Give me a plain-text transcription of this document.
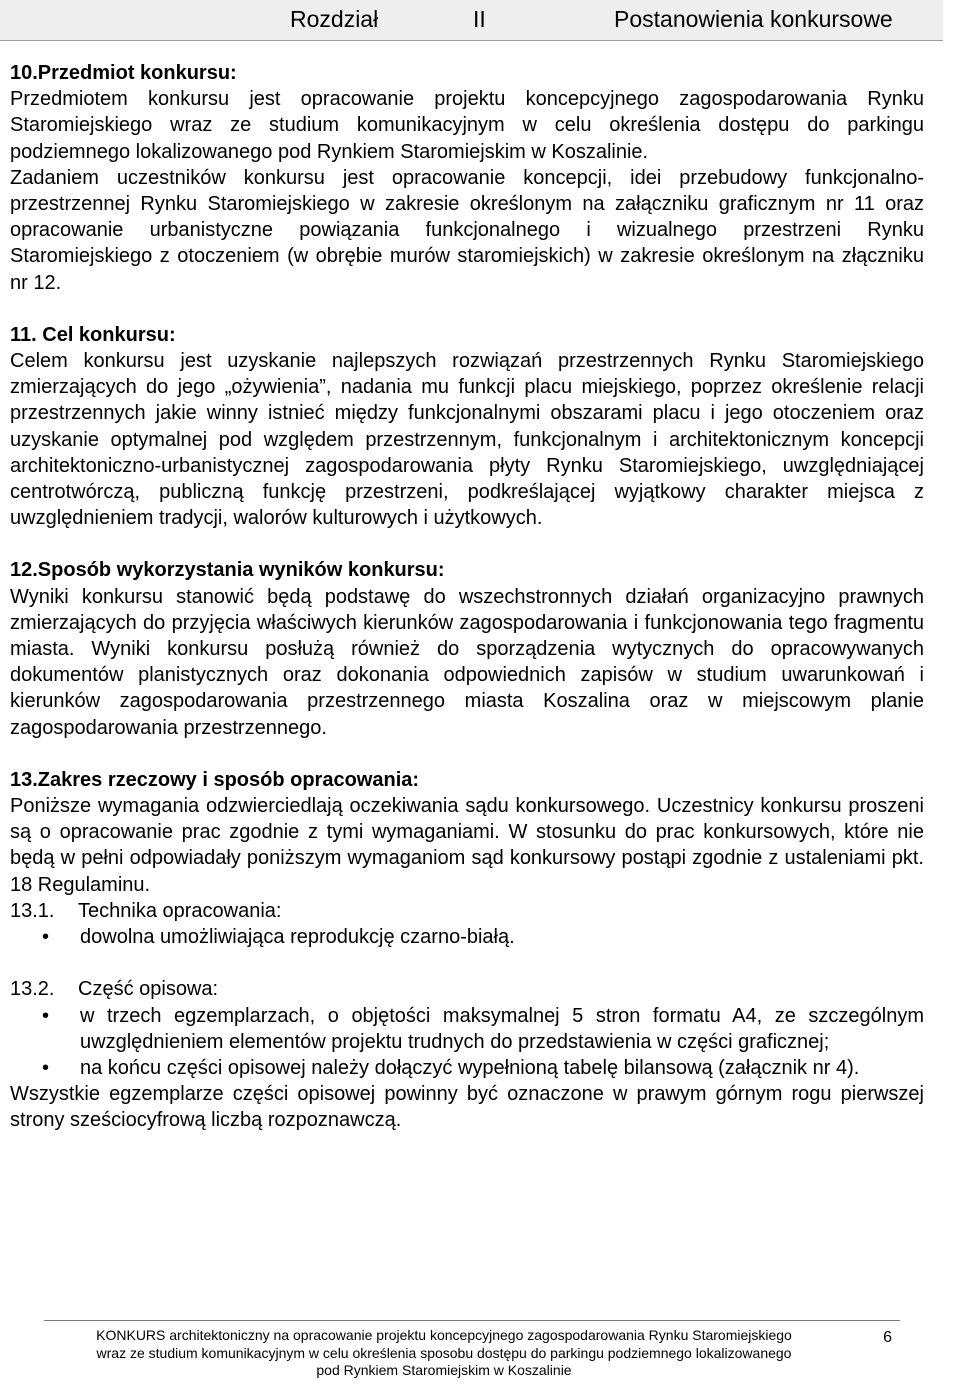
Rozdział	II	Postanowienia konkursowe
10.Przedmiot konkursu:

Przedmiotem konkursu jest opracowanie projektu koncepcyjnego zagospodarowania Rynku Staromiejskiego wraz ze studium komunikacyjnym w celu określenia dostępu do parkingu podziemnego lokalizowanego pod Rynkiem Staromiejskim w Koszalinie.

Zadaniem uczestników konkursu jest opracowanie koncepcji, idei przebudowy funkcjonalno- przestrzennej Rynku Staromiejskiego w zakresie określonym na załączniku graficznym nr 11 oraz opracowanie urbanistyczne powiązania funkcjonalnego i wizualnego przestrzeni Rynku Staromiejskiego z otoczeniem (w obrębie murów staromiejskich) w zakresie określonym na złączniku nr 12.

11. Cel konkursu:

Celem konkursu jest uzyskanie najlepszych rozwiązań przestrzennych Rynku Staromiejskiego zmierzających do jego „ożywienia”, nadania mu funkcji placu miejskiego, poprzez określenie relacji przestrzennych jakie winny istnieć między funkcjonalnymi obszarami placu i jego otoczeniem oraz uzyskanie optymalnej pod względem przestrzennym, funkcjonalnym i architektonicznym koncepcji architektoniczno-urbanistycznej zagospodarowania płyty Rynku Staromiejskiego, uwzględniającej centrotwórczą, publiczną funkcję przestrzeni, podkreślającej wyjątkowy charakter miejsca z uwzględnieniem tradycji, walorów kulturowych i użytkowych.

12.Sposób wykorzystania wyników konkursu:

Wyniki konkursu stanowić będą podstawę do wszechstronnych działań organizacyjno prawnych zmierzających do przyjęcia właściwych kierunków zagospodarowania i funkcjonowania tego fragmentu miasta. Wyniki konkursu posłużą również do sporządzenia wytycznych do opracowywanych dokumentów planistycznych oraz dokonania odpowiednich zapisów w studium uwarunkowań i kierunków zagospodarowania przestrzennego miasta Koszalina oraz w miejscowym planie zagospodarowania przestrzennego.

13.Zakres rzeczowy i sposób opracowania:

Poniższe wymagania odzwierciedlają oczekiwania sądu konkursowego. Uczestnicy konkursu proszeni są o opracowanie prac zgodnie z tymi wymaganiami. W stosunku do prac konkursowych, które nie będą w pełni odpowiadały poniższym wymaganiom sąd konkursowy postąpi zgodnie z ustaleniami pkt. 18 Regulaminu.

13.1. Technika opracowania:
• dowolna umożliwiająca reprodukcję czarno-białą.
13.2. Część opisowa:
• w trzech egzemplarzach, o objętości maksymalnej 5 stron formatu A4, ze szczególnym uwzględnieniem elementów projektu trudnych do przedstawienia w części graficznej;
• na końcu części opisowej należy dołączyć wypełnioną tabelę bilansową (załącznik nr 4).

Wszystkie egzemplarze części opisowej powinny być oznaczone w prawym górnym rogu pierwszej strony sześciocyfrową liczbą rozpoznawczą.

KONKURS architektoniczny na opracowanie projektu koncepcyjnego zagospodarowania Rynku Staromiejskiego
wraz ze studium komunikacyjnym w celu określenia sposobu dostępu do parkingu podziemnego lokalizowanego
pod Rynkiem Staromiejskim w Koszalinie
6
